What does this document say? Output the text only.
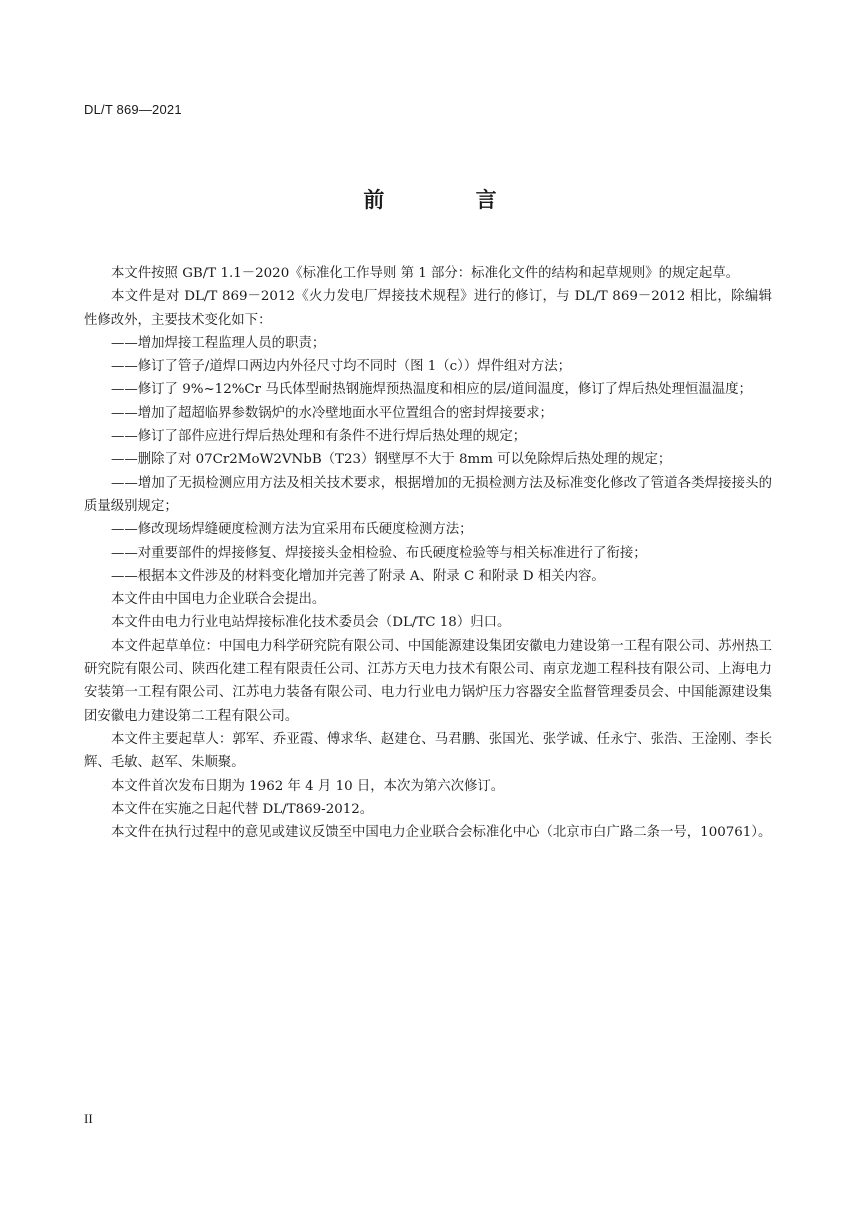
DL/T 869—2021
前 言

本文件按照 GB/T 1.1－2020《标准化工作导则 第 1 部分：标准化文件的结构和起草规则》的规定起草。

本文件是对 DL/T 869－2012《火力发电厂焊接技术规程》进行的修订，与 DL/T 869－2012 相比，除编辑性修改外，主要技术变化如下：

——增加焊接工程监理人员的职责；

——修订了管子/道焊口两边内外径尺寸均不同时（图 1（c））焊件组对方法；

——修订了 9%~12%Cr 马氏体型耐热钢施焊预热温度和相应的层/道间温度，修订了焊后热处理恒温温度；

——增加了超超临界参数锅炉的水冷壁地面水平位置组合的密封焊接要求；

——修订了部件应进行焊后热处理和有条件不进行焊后热处理的规定；

——删除了对 07Cr2MoW2VNbB（T23）钢壁厚不大于 8mm 可以免除焊后热处理的规定；

——增加了无损检测应用方法及相关技术要求，根据增加的无损检测方法及标准变化修改了管道各类焊接接头的质量级别规定；

——修改现场焊缝硬度检测方法为宜采用布氏硬度检测方法；

——对重要部件的焊接修复、焊接接头金相检验、布氏硬度检验等与相关标准进行了衔接；

——根据本文件涉及的材料变化增加并完善了附录 A、附录 C 和附录 D 相关内容。

本文件由中国电力企业联合会提出。

本文件由电力行业电站焊接标准化技术委员会（DL/TC 18）归口。

本文件起草单位：中国电力科学研究院有限公司、中国能源建设集团安徽电力建设第一工程有限公司、苏州热工研究院有限公司、陕西化建工程有限责任公司、江苏方天电力技术有限公司、南京龙迦工程科技有限公司、上海电力安装第一工程有限公司、江苏电力装备有限公司、电力行业电力锅炉压力容器安全监督管理委员会、中国能源建设集团安徽电力建设第二工程有限公司。

本文件主要起草人：郭军、乔亚霞、傅求华、赵建仓、马君鹏、张国光、张学诚、任永宁、张浩、王淦刚、李长辉、毛敏、赵军、朱顺聚。

本文件首次发布日期为 1962 年 4 月 10 日，本次为第六次修订。

本文件在实施之日起代替 DL/T869-2012。

本文件在执行过程中的意见或建议反馈至中国电力企业联合会标准化中心（北京市白广路二条一号，100761）。

II
